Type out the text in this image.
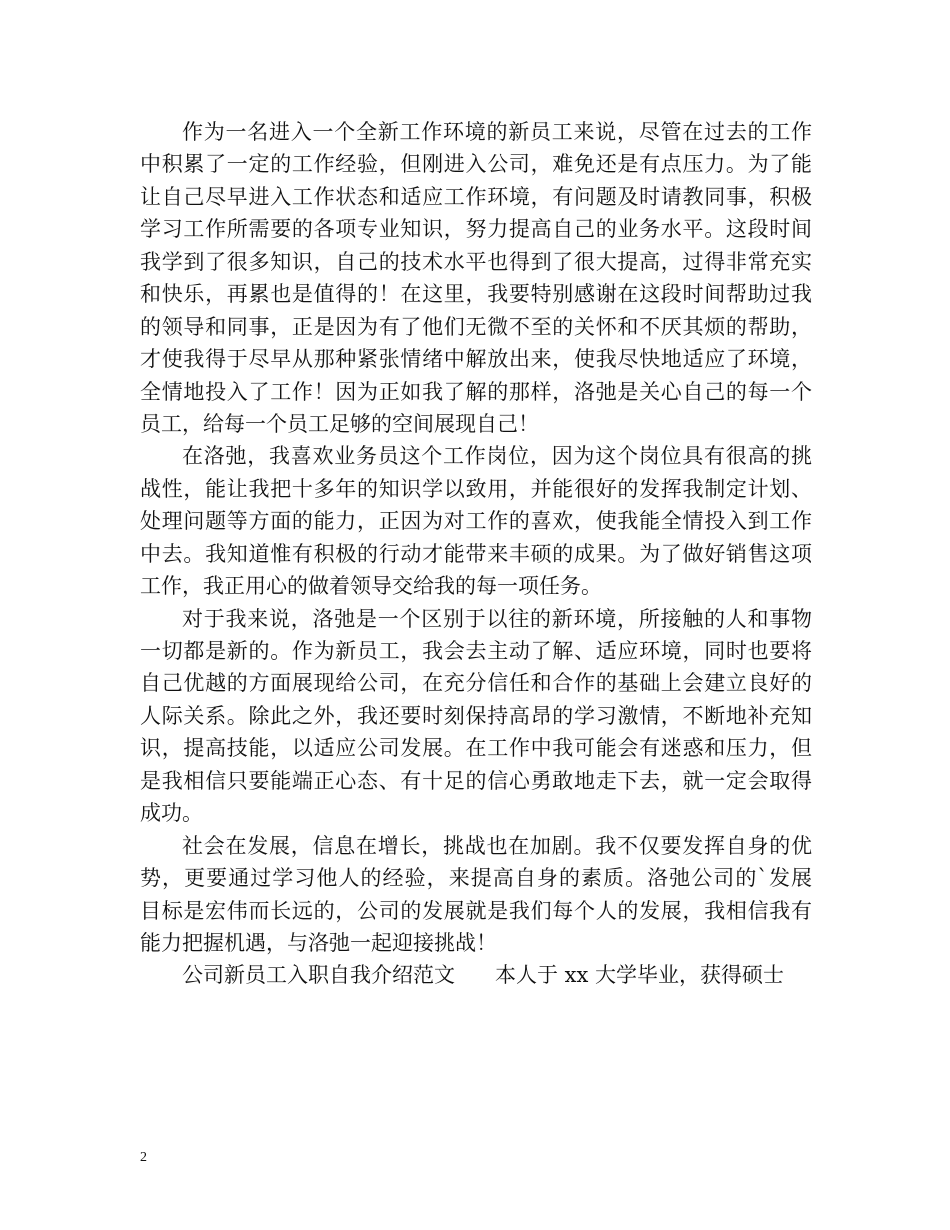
作为一名进入一个全新工作环境的新员工来说，尽管在过去的工作
中积累了一定的工作经验，但刚进入公司，难免还是有点压力。为了能
让自己尽早进入工作状态和适应工作环境，有问题及时请教同事，积极
学习工作所需要的各项专业知识，努力提高自己的业务水平。这段时间
我学到了很多知识，自己的技术水平也得到了很大提高，过得非常充实
和快乐，再累也是值得的！在这里，我要特别感谢在这段时间帮助过我
的领导和同事，正是因为有了他们无微不至的关怀和不厌其烦的帮助，
才使我得于尽早从那种紧张情绪中解放出来，使我尽快地适应了环境，
全情地投入了工作！因为正如我了解的那样，洛弛是关心自己的每一个
员工，给每一个员工足够的空间展现自己！
在洛弛，我喜欢业务员这个工作岗位，因为这个岗位具有很高的挑
战性，能让我把十多年的知识学以致用，并能很好的发挥我制定计划、
处理问题等方面的能力，正因为对工作的喜欢，使我能全情投入到工作
中去。我知道惟有积极的行动才能带来丰硕的成果。为了做好销售这项
工作，我正用心的做着领导交给我的每一项任务。
对于我来说，洛弛是一个区别于以往的新环境，所接触的人和事物
一切都是新的。作为新员工，我会去主动了解、适应环境，同时也要将
自己优越的方面展现给公司，在充分信任和合作的基础上会建立良好的
人际关系。除此之外，我还要时刻保持高昂的学习激情，不断地补充知
识，提高技能，以适应公司发展。在工作中我可能会有迷惑和压力，但
是我相信只要能端正心态、有十足的信心勇敢地走下去，就一定会取得
成功。
社会在发展，信息在增长，挑战也在加剧。我不仅要发挥自身的优
势，更要通过学习他人的经验，来提高自身的素质。洛弛公司的`发展
目标是宏伟而长远的，公司的发展就是我们每个人的发展，我相信我有
能力把握机遇，与洛弛一起迎接挑战！
公司新员工入职自我介绍范文 本人于 xx 大学毕业，获得硕士
2
